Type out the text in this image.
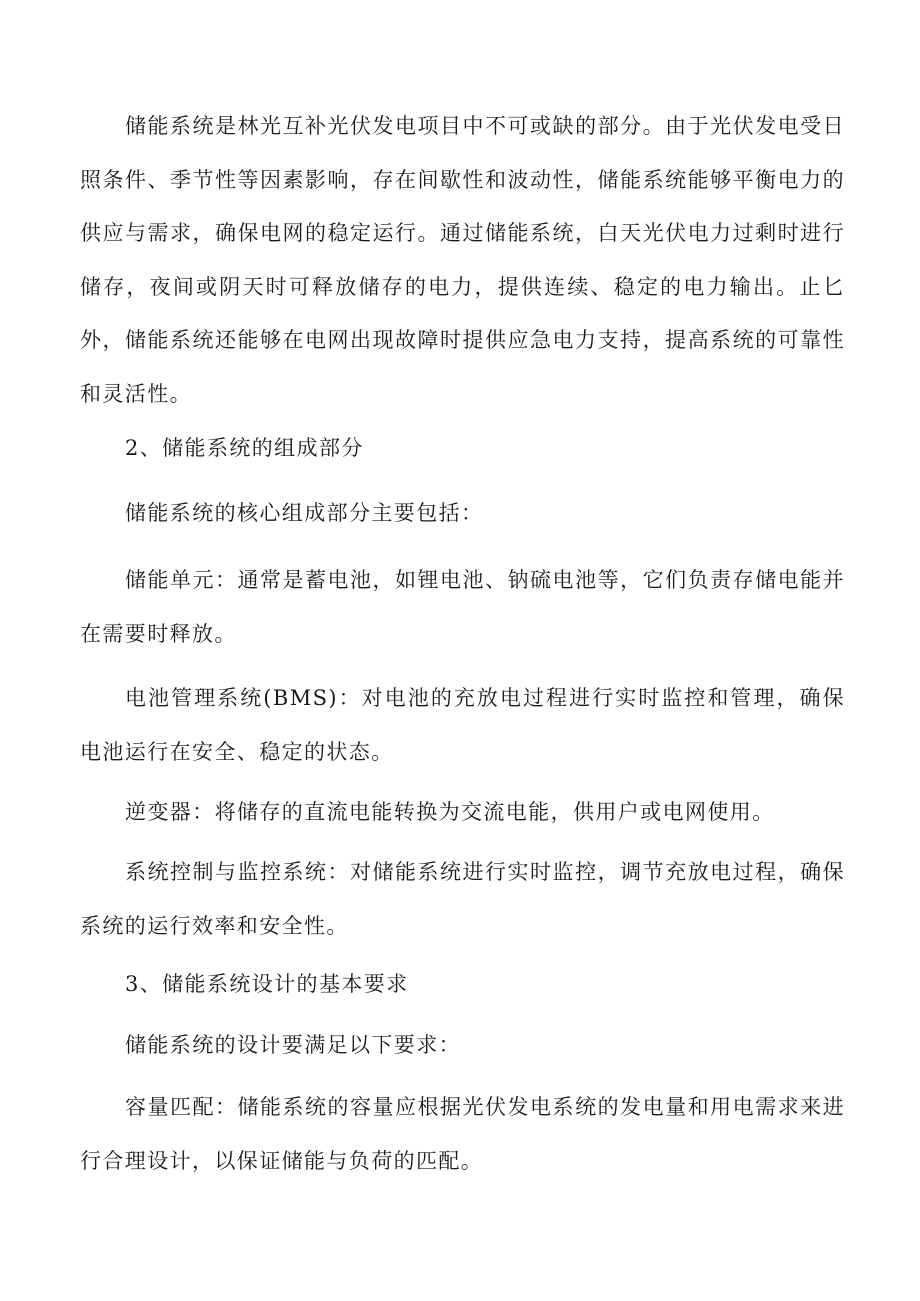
储能系统是林光互补光伏发电项目中不可或缺的部分。由于光伏发电受日照条件、季节性等因素影响，存在间歇性和波动性，储能系统能够平衡电力的供应与需求，确保电网的稳定运行。通过储能系统，白天光伏电力过剩时进行储存，夜间或阴天时可释放储存的电力，提供连续、稳定的电力输出。止匕外，储能系统还能够在电网出现故障时提供应急电力支持，提高系统的可靠性和灵活性。

2、储能系统的组成部分

储能系统的核心组成部分主要包括：

储能单元：通常是蓄电池，如锂电池、钠硫电池等，它们负责存储电能并在需要时释放。

电池管理系统(BMS)：对电池的充放电过程进行实时监控和管理，确保电池运行在安全、稳定的状态。

逆变器：将储存的直流电能转换为交流电能，供用户或电网使用。

系统控制与监控系统：对储能系统进行实时监控，调节充放电过程，确保系统的运行效率和安全性。

3、储能系统设计的基本要求

储能系统的设计要满足以下要求：

容量匹配：储能系统的容量应根据光伏发电系统的发电量和用电需求来进行合理设计，以保证储能与负荷的匹配。
